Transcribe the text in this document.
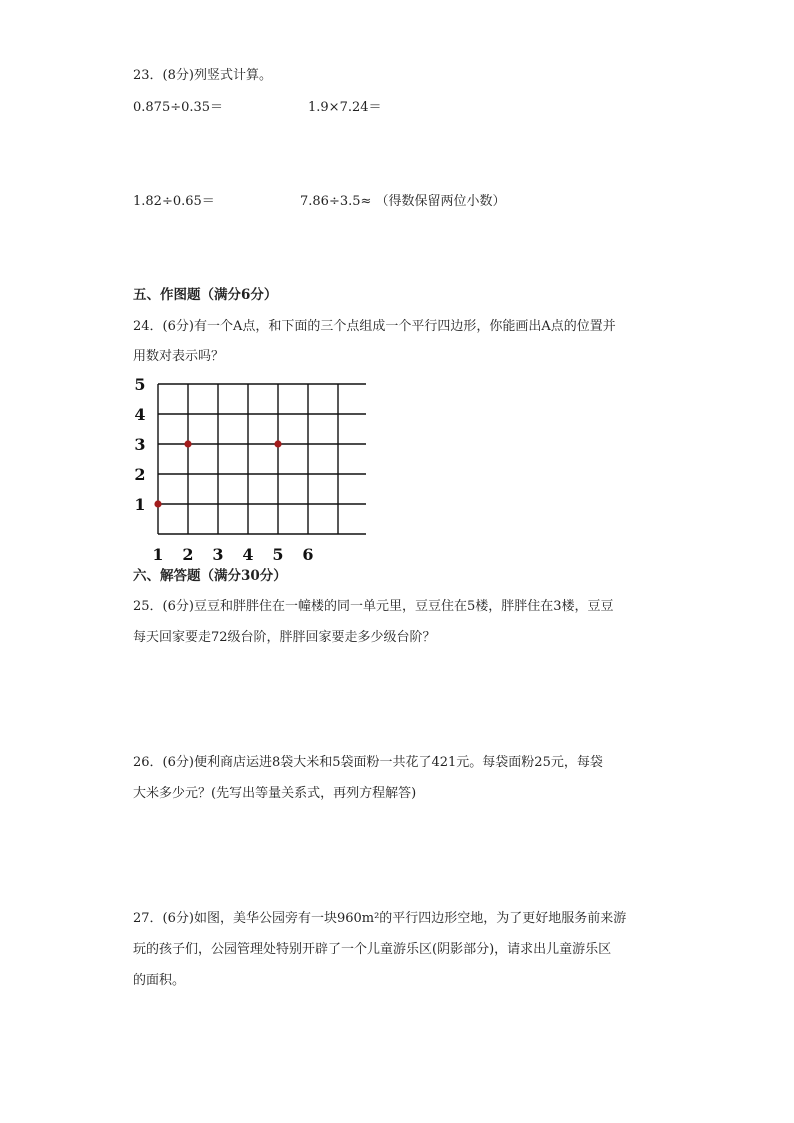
23．(8分)列竖式计算。
0.875÷0.35＝	1.9×7.24＝
1.82÷0.65＝	7.86÷3.5≈ （得数保留两位小数）
五、作图题（满分6分）
24．(6分)有一个A点，和下面的三个点组成一个平行四边形，你能画出A点的位置并
用数对表示吗？
5
4
3
2
1
1 2 3 4 5 6
六、解答题（满分30分）
25．(6分)豆豆和胖胖住在一幢楼的同一单元里，豆豆住在5楼，胖胖住在3楼，豆豆
每天回家要走72级台阶，胖胖回家要走多少级台阶？
26．(6分)便利商店运进8袋大米和5袋面粉一共花了421元。每袋面粉25元，每袋
大米多少元？(先写出等量关系式，再列方程解答)
27．(6分)如图，美华公园旁有一块960m²的平行四边形空地，为了更好地服务前来游
玩的孩子们，公园管理处特别开辟了一个儿童游乐区(阴影部分)，请求出儿童游乐区
的面积。
